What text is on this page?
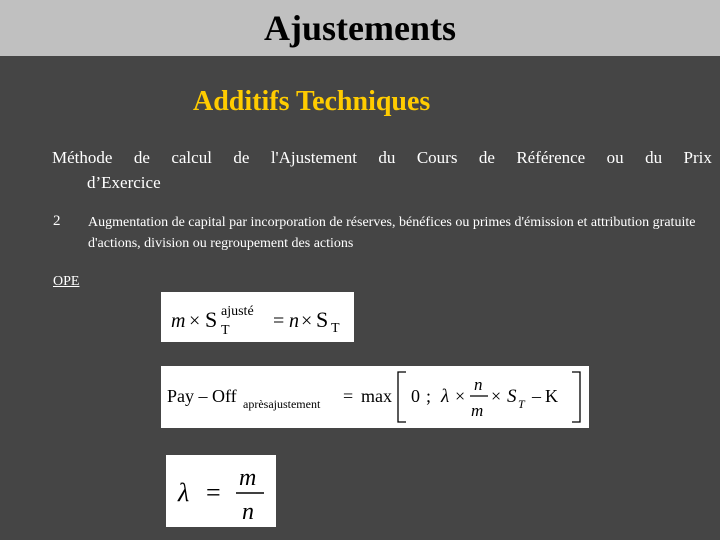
Ajustements

Additifs Techniques

Méthode de calcul de l'Ajustement du Cours de Référence ou du Prix
d’Exercice
2 Augmentation de capital par incorporation de réserves, bénéfices ou primes d'émission et attribution gratuite d'actions, division ou regroupement des actions
OPE
m × S ajusté
T = n × S T
Pay – Off aprèsajustement = max 0 ; λ ×
n
m
× S T – K
λ = m
n
